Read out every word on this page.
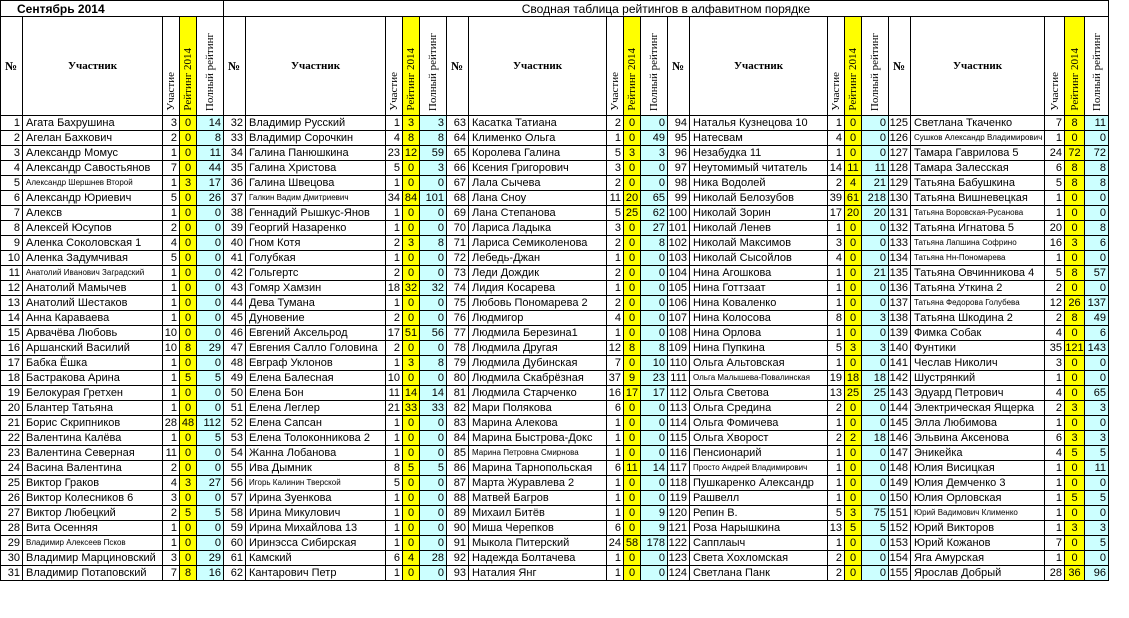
Сентябрь 2014					Сводная таблица рейтингов в алфавитном порядке																			
№	Участник	Участие	Рейтинг 2014	Полный рейтинг	№	Участник	Участие	Рейтинг 2014	Полный рейтинг	№	Участник	Участие	Рейтинг 2014	Полный рейтинг	№	Участник	Участие	Рейтинг 2014	Полный рейтинг	№	Участник	Участие	Рейтинг 2014	Полный рейтинг
1	Агата Бахрушина	3	0	14	32	Владимир Русский	1	3	3	63	Касатка Татиана	2	0	0	94	Наталья Кузнецова 10	1	0	0	125	Светлана Ткаченко	7	8	11
2	Агелан Бахкович	2	0	8	33	Владимир Сорочкин	4	8	8	64	Клименко Ольга	1	0	49	95	Натесвам	4	0	0	126	Сушков Александр Владимирович	1	0	0
3	Александр Момус	1	0	11	34	Галина Панюшкина	23	12	59	65	Королева Галина	5	3	3	96	Незабудка 11	1	0	0	127	Тамара Гаврилова 5	24	72	72
4	Александр Савостьянов	7	0	44	35	Галина Христова	5	0	3	66	Ксения Григорович	3	0	0	97	Неутомимый читатель	14	11	11	128	Тамара Залесская	6	8	8
5	Александр Шершнев Второй	1	3	17	36	Галина Швецова	1	0	0	67	Лала Сычева	2	0	0	98	Ника Водолей	2	4	21	129	Татьяна Бабушкина	5	8	8
6	Александр Юриевич	5	0	26	37	Галкин Вадим Дмитриевич	34	84	101	68	Лана Сноу	11	20	65	99	Николай Белозубов	39	61	218	130	Татьяна Вишневецкая	1	0	0
7	Алексв	1	0	0	38	Геннадий Рышкус-Янов	1	0	0	69	Лана Степанова	5	25	62	100	Николай Зорин	17	20	20	131	Татьяна Воровская-Русанова	1	0	0
8	Алексей Юсупов	2	0	0	39	Георгий Назаренко	1	0	0	70	Лариса Ладыка	3	0	27	101	Николай Ленев	1	0	0	132	Татьяна Игнатова 5	20	0	8
9	Аленка Соколовская 1	4	0	0	40	Гном Котя	2	3	8	71	Лариса Семиколенова	2	0	8	102	Николай Максимов	3	0	0	133	Татьяна Лапшина Софрино	16	3	6
10	Аленка Задумчивая	5	0	0	41	Голубкая	1	0	0	72	Лебедь-Джан	1	0	0	103	Николай Сысойлов	4	0	0	134	Татьяна Нн-Пономарева	1	0	0
11	Анатолий Иванович Заградский	1	0	0	42	Гольгертс	2	0	0	73	Леди Дождик	2	0	0	104	Нина Агошкова	1	0	21	135	Татьяна Овчинникова 4	5	8	57
12	Анатолий Мамычев	1	0	0	43	Гомяр Хамзин	18	32	32	74	Лидия Косарева	1	0	0	105	Нина Готтзаат	1	0	0	136	Татьяна Уткина 2	2	0	0
13	Анатолий Шестаков	1	0	0	44	Дева Тумана	1	0	0	75	Любовь Пономарева 2	2	0	0	106	Нина Коваленко	1	0	0	137	Татьяна Федорова Голубева	12	26	137
14	Анна Караваева	1	0	0	45	Дуновение	2	0	0	76	Людмигор	4	0	0	107	Нина Колосова	8	0	3	138	Татьяна Шкодина 2	2	8	49
15	Арвачёва Любовь	10	0	0	46	Евгений Аксельрод	17	51	56	77	Людмила Березина1	1	0	0	108	Нина Орлова	1	0	0	139	Фимка Собак	4	0	6
16	Аршанский Василий	10	8	29	47	Евгения Салло Головина	2	0	0	78	Людмила Другая	12	8	8	109	Нина Пупкина	5	3	3	140	Фунтики	35	121	143
17	Бабка Ёшка	1	0	0	48	Евграф Уклонов	1	3	8	79	Людмила Дубинская	7	0	10	110	Ольга Альтовская	1	0	0	141	Чеслав Николич	3	0	0
18	Бастракова Арина	1	5	5	49	Елена Балесная	10	0	0	80	Людмила Скабрёзная	37	9	23	111	Ольга Малышева-Повалинская	19	18	18	142	Шустрянкий	1	0	0
19	Белокурая Гретхен	1	0	0	50	Елена Бон	11	14	14	81	Людмила Старченко	16	17	17	112	Ольга Светова	13	25	25	143	Эдуард Петрович	4	0	65
20	Блантер Татьяна	1	0	0	51	Елена Леглер	21	33	33	82	Мари Полякова	6	0	0	113	Ольга Средина	2	0	0	144	Электрическая Ящерка	2	3	3
21	Борис Скрипников	28	48	112	52	Елена Сапсан	1	0	0	83	Марина Алекова	1	0	0	114	Ольга Фомичева	1	0	0	145	Элла Любимова	1	0	0
22	Валентина Калёва	1	0	5	53	Елена Толоконникова 2	1	0	0	84	Марина Быстрова-Докс	1	0	0	115	Ольга Хворост	2	2	18	146	Эльвина Аксенова	6	3	3
23	Валентина Северная	11	0	0	54	Жанна Лобанова	1	0	0	85	Марина Петровна Смирнова	1	0	0	116	Пенсионарий	1	0	0	147	Эникейка	4	5	5
24	Васина Валентина	2	0	0	55	Ива Дымник	8	5	5	86	Марина Тарнопольская	6	11	14	117	Просто Андрей Владимирович	1	0	0	148	Юлия Висицкая	1	0	11
25	Виктор Граков	4	3	27	56	Игорь Калинин Тверской	5	0	0	87	Марта Журавлева 2	1	0	0	118	Пушкаренко Александр	1	0	0	149	Юлия Демченко 3	1	0	0
26	Виктор Колесников 6	3	0	0	57	Ирина Зуенкова	1	0	0	88	Матвей Багров	1	0	0	119	Рашвелл	1	0	0	150	Юлия Орловская	1	5	5
27	Виктор Любецкий	2	5	5	58	Ирина Микулович	1	0	0	89	Михаил Битёв	1	0	9	120	Репин В.	5	3	75	151	Юрий Вадимович Клименко	1	0	0
28	Вита Осенняя	1	0	0	59	Ирина Михайлова 13	1	0	0	90	Миша Черепков	6	0	9	121	Роза Нарышкина	13	5	5	152	Юрий Викторов	1	3	3
29	Владимир Алексеев Псков	1	0	0	60	Иринэсса Сибирская	1	0	0	91	Мыкола Питерский	24	58	178	122	Сапплаыч	1	0	0	153	Юрий Кожанов	7	0	5
30	Владимир Марциновский	3	0	29	61	Камский	6	4	28	92	Надежда Болтачева	1	0	0	123	Света Хохломская	2	0	0	154	Яга Амурская	1	0	0
31	Владимир Потаповский	7	8	16	62	Кантарович Петр	1	0	0	93	Наталия Янг	1	0	0	124	Светлана Панк	2	0	0	155	Ярослав Добрый	28	36	96
